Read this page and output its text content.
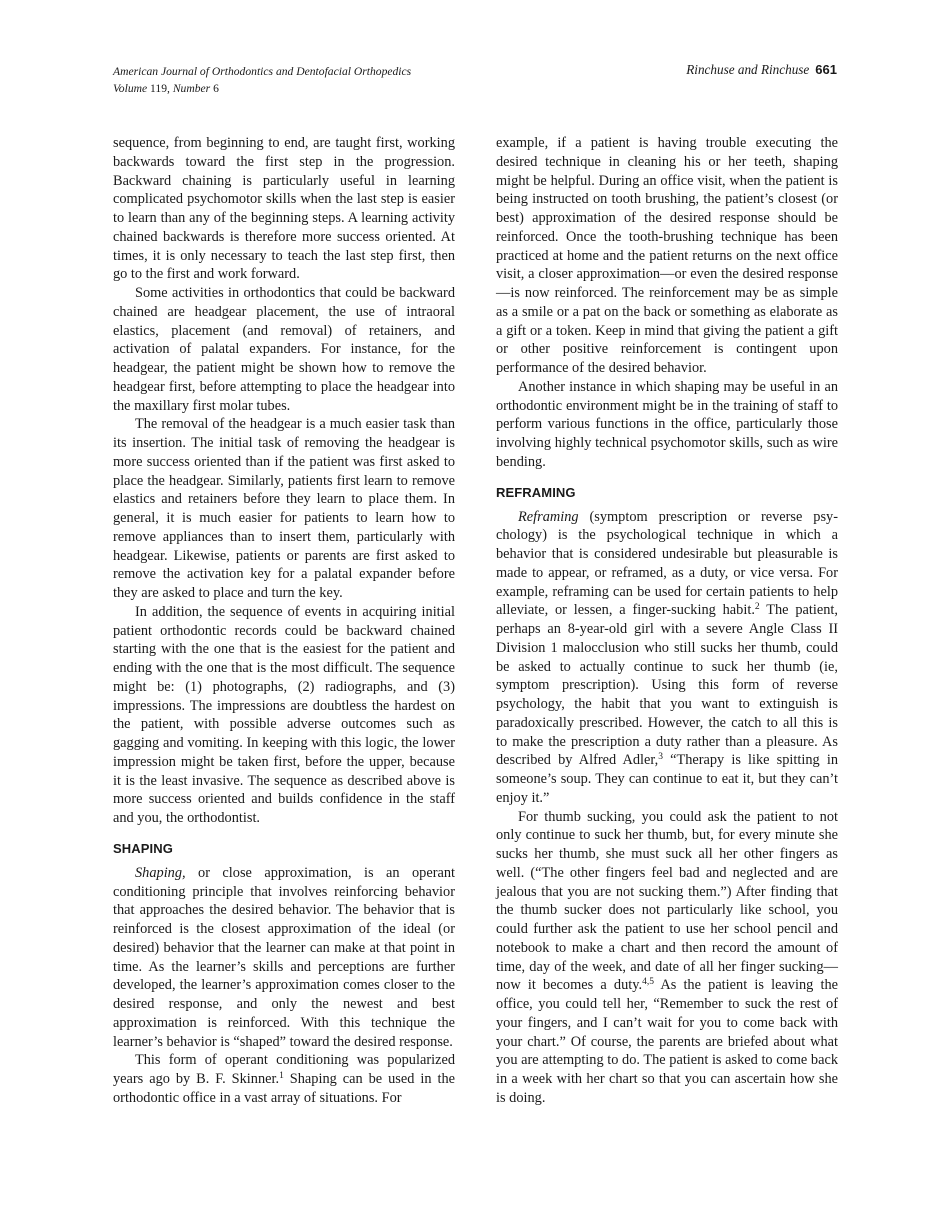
American Journal of Orthodontics and Dentofacial Orthopedics
Volume 119, Number 6
Rinchuse and Rinchuse 661

sequence, from beginning to end, are taught first, working backwards toward the first step in the progression. Backward chaining is particularly useful in learning complicated psychomotor skills when the last step is easier to learn than any of the beginning steps. A learning activity chained backwards is therefore more success oriented. At times, it is only necessary to teach the last step first, then go to the first and work forward.

Some activities in orthodontics that could be backward chained are headgear placement, the use of intraoral elastics, placement (and removal) of retainers, and activation of palatal expanders. For instance, for the headgear, the patient might be shown how to remove the headgear first, before attempting to place the headgear into the maxillary first molar tubes.

The removal of the headgear is a much easier task than its insertion. The initial task of removing the headgear is more success oriented than if the patient was first asked to place the headgear. Similarly, patients first learn to remove elastics and retainers before they learn to place them. In general, it is much easier for patients to learn how to remove appliances than to insert them, particularly with headgear. Likewise, patients or parents are first asked to remove the activation key for a palatal expander before they are asked to place and turn the key.

In addition, the sequence of events in acquiring initial patient orthodontic records could be backward chained starting with the one that is the easiest for the patient and ending with the one that is the most difficult. The sequence might be: (1) photographs, (2) radiographs, and (3) impressions. The impressions are doubtless the hardest on the patient, with possible adverse outcomes such as gagging and vomiting. In keeping with this logic, the lower impression might be taken first, before the upper, because it is the least invasive. The sequence as described above is more success oriented and builds confidence in the staff and you, the orthodontist.

SHAPING

Shaping, or close approximation, is an operant conditioning principle that involves reinforcing behavior that approaches the desired behavior. The behavior that is reinforced is the closest approximation of the ideal (or desired) behavior that the learner can make at that point in time. As the learner’s skills and perceptions are further developed, the learner’s approximation comes closer to the desired response, and only the newest and best approximation is reinforced. With this technique the learner’s behavior is “shaped” toward the desired response.

This form of operant conditioning was popularized years ago by B. F. Skinner.$^1$ Shaping can be used in the orthodontic office in a vast array of situations. For

example, if a patient is having trouble executing the desired technique in cleaning his or her teeth, shaping might be helpful. During an office visit, when the patient is being instructed on tooth brushing, the patient’s closest (or best) approximation of the desired response should be reinforced. Once the tooth-brushing technique has been practiced at home and the patient returns on the next office visit, a closer approximation—or even the desired response—is now reinforced. The reinforcement may be as simple as a smile or a pat on the back or something as elaborate as a gift or a token. Keep in mind that giving the patient a gift or other positive reinforcement is contingent upon performance of the desired behavior.

Another instance in which shaping may be useful in an orthodontic environment might be in the training of staff to perform various functions in the office, particularly those involving highly technical psychomotor skills, such as wire bending.

REFRAMING

Reframing (symptom prescription or reverse psychology) is the psychological technique in which a behavior that is considered undesirable but pleasurable is made to appear, or reframed, as a duty, or vice versa. For example, reframing can be used for certain patients to help alleviate, or lessen, a finger-sucking habit.$^2$ The patient, perhaps an 8-year-old girl with a severe Angle Class II Division 1 malocclusion who still sucks her thumb, could be asked to actually continue to suck her thumb (ie, symptom prescription). Using this form of reverse psychology, the habit that you want to extinguish is paradoxically prescribed. However, the catch to all this is to make the prescription a duty rather than a pleasure. As described by Alfred Adler,$^3$ “Therapy is like spitting in someone’s soup. They can continue to eat it, but they can’t enjoy it.”

For thumb sucking, you could ask the patient to not only continue to suck her thumb, but, for every minute she sucks her thumb, she must suck all her other fingers as well. (“The other fingers feel bad and neglected and are jealous that you are not sucking them.”) After finding that the thumb sucker does not particularly like school, you could further ask the patient to use her school pencil and notebook to make a chart and then record the amount of time, day of the week, and date of all her finger sucking—now it becomes a duty.$^{4,5}$ As the patient is leaving the office, you could tell her, “Remember to suck the rest of your fingers, and I can’t wait for you to come back with your chart.” Of course, the parents are briefed about what you are attempting to do. The patient is asked to come back in a week with her chart so that you can ascertain how she is doing.
